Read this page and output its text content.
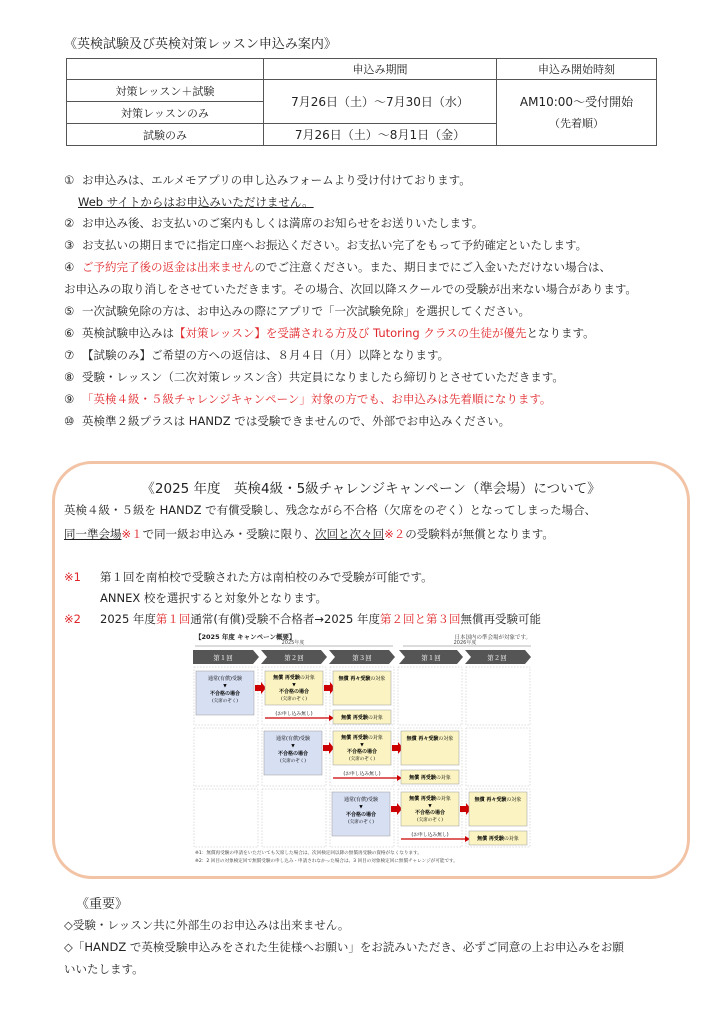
《英検試験及び英検対策レッスン申込み案内》
	申込み期間	申込み開始時刻
対策レッスン＋試験	7月26日（土）〜7月30日（水）	AM10:00〜受付開始
（先着順）

対策レッスンのみ		
試験のみ	7月26日（土）〜8月1日（金）	
① お申込みは、エルメモアプリの申し込みフォームより受け付けております。
Web サイトからはお申込みいただけません。
② お申込み後、お支払いのご案内もしくは満席のお知らせをお送りいたします。
③ お支払いの期日までに指定口座へお振込ください。お支払い完了をもって予約確定といたします。
④ ご予約完了後の返金は出来ませんのでご注意ください。また、期日までにご入金いただけない場合は、
お申込みの取り消しをさせていただきます。その場合、次回以降スクールでの受験が出来ない場合があります。
⑤ 一次試験免除の方は、お申込みの際にアプリで「一次試験免除」を選択してください。
⑥ 英検試験申込みは【対策レッスン】を受講される方及び Tutoring クラスの生徒が優先となります。
⑦ 【試験のみ】ご希望の方への返信は、８月４日（月）以降となります。
⑧ 受験・レッスン（二次対策レッスン含）共定員になりましたら締切りとさせていただきます。
⑨ 「英検４級・５級チャレンジキャンペーン」対象の方でも、お申込みは先着順になります。
⑩ 英検準２級プラスは HANDZ では受験できませんので、外部でお申込みください。
《2025 年度　英検4級・5級チャレンジキャンペーン（準会場）について》
英検４級・５級を HANDZ で有償受験し、残念ながら不合格（欠席をのぞく）となってしまった場合、
同一準会場※１で同一級お申込み・受験に限り、次回と次々回※２の受験料が無償となります。
※1 第１回を南柏校で受験された方は南柏校のみで受験が可能です。
ANNEX 校を選択すると対象外となります。
※2 2025 年度第１回通常(有償)受験不合格者→2025 年度第２回と第３回無償再受験可能
【2025 年度 キャンペーン概要】	日本国内の準会場が対象です。
2025年度	2026年度
第１回	第２回	第３回	第１回	第２回
通常(有償)受験
▼
不合格の場合
(欠席のぞく)
無償 再受験の対象
▼
不合格の場合
(欠席のぞく)
無償 再々受験の対象
(お申し込み無し)
無償 再受験の対象
通常(有償)受験
▼
不合格の場合
(欠席のぞく)
無償 再受験の対象
▼
不合格の場合
(欠席のぞく)
無償 再々受験の対象
(お申し込み無し)
無償 再受験の対象
通常(有償)受験
▼
不合格の場合
(欠席のぞく)
無償 再受験の対象
▼
不合格の場合
(欠席のぞく)
無償 再々受験の対象
(お申し込み無し)
無償 再受験の対象
※1：無償再受験の申請をいただいても欠席した場合は、次回検定回以降の無償再受験の資格がなくなります。
※2：2 回目の対象検定回で無償受験の申し込み・申請されなかった場合は、3 回目の対象検定回に無償チャレンジが可能です。
《重要》
◇受験・レッスン共に外部生のお申込みは出来ません。
◇「HANDZ で英検受験申込みをされた生徒様へお願い」をお読みいただき、必ずご同意の上お申込みをお願
いいたします。
